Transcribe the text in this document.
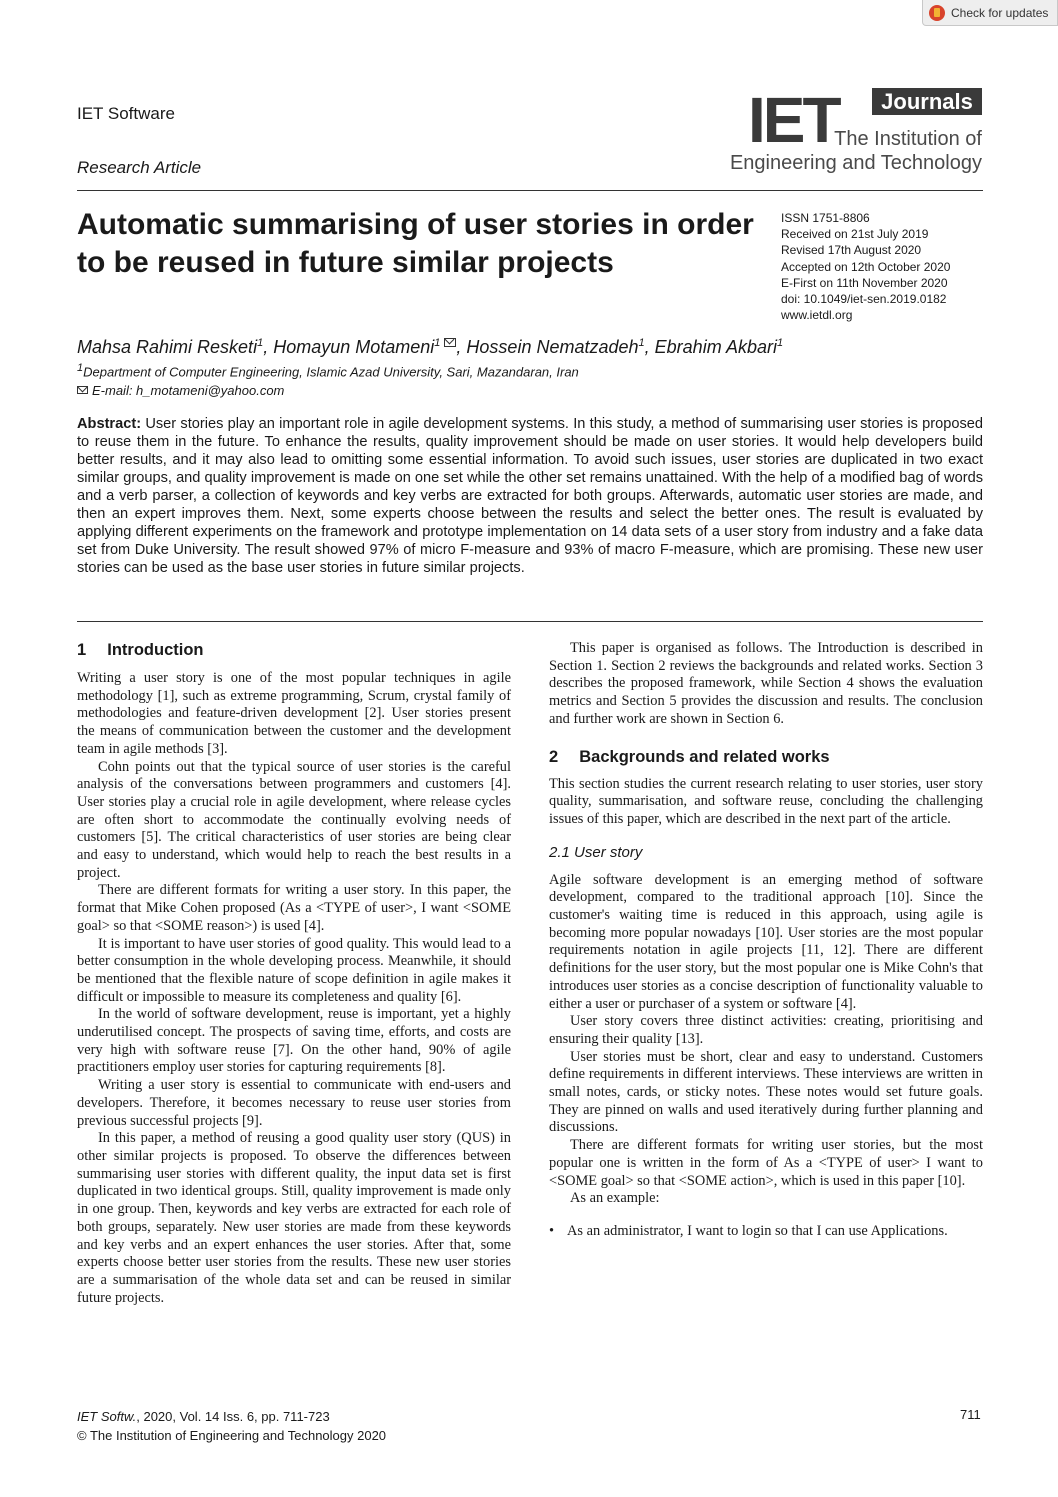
Check for updates
IET Software
Research Article
IET	Journals
The Institution of
Engineering and Technology
Automatic summarising of user stories in order to be reused in future similar projects
ISSN 1751-8806
Received on 21st July 2019
Revised 17th August 2020
Accepted on 12th October 2020
E-First on 11th November 2020
doi: 10.1049/iet-sen.2019.0182
www.ietdl.org
Mahsa Rahimi Resketi$^1$, Homayun Motameni$^1$ , Hossein Nematzadeh$^1$, Ebrahim Akbari$^1$
$^1$Department of Computer Engineering, Islamic Azad University, Sari, Mazandaran, Iran
E-mail: h_motameni@yahoo.com

Abstract: User stories play an important role in agile development systems. In this study, a method of summarising user stories is proposed to reuse them in the future. To enhance the results, quality improvement should be made on user stories. It would help developers build better results, and it may also lead to omitting some essential information. To avoid such issues, user stories are duplicated in two exact similar groups, and quality improvement is made on one set while the other set remains unattained. With the help of a modified bag of words and a verb parser, a collection of keywords and key verbs are extracted for both groups. Afterwards, automatic user stories are made, and then an expert improves them. Next, some experts choose between the results and select the better ones. The result is evaluated by applying different experiments on the framework and prototype implementation on 14 data sets of a user story from industry and a fake data set from Duke University. The result showed 97% of micro F-measure and 93% of macro F-measure, which are promising. These new user stories can be used as the base user stories in future similar projects.

1  Introduction

Writing a user story is one of the most popular techniques in agile methodology [1], such as extreme programming, Scrum, crystal family of methodologies and feature-driven development [2]. User stories present the means of communication between the customer and the development team in agile methods [3].

Cohn points out that the typical source of user stories is the careful analysis of the conversations between programmers and customers [4]. User stories play a crucial role in agile development, where release cycles are often short to accommodate the continually evolving needs of customers [5]. The critical characteristics of user stories are being clear and easy to understand, which would help to reach the best results in a project.

There are different formats for writing a user story. In this paper, the format that Mike Cohen proposed (As a <TYPE of user>, I want <SOME goal> so that <SOME reason>) is used [4].

It is important to have user stories of good quality. This would lead to a better consumption in the whole developing process. Meanwhile, it should be mentioned that the flexible nature of scope definition in agile makes it difficult or impossible to measure its completeness and quality [6].

In the world of software development, reuse is important, yet a highly underutilised concept. The prospects of saving time, efforts, and costs are very high with software reuse [7]. On the other hand, 90% of agile practitioners employ user stories for capturing requirements [8].

Writing a user story is essential to communicate with end-users and developers. Therefore, it becomes necessary to reuse user stories from previous successful projects [9].

In this paper, a method of reusing a good quality user story (QUS) in other similar projects is proposed. To observe the differences between summarising user stories with different quality, the input data set is first duplicated in two identical groups. Still, quality improvement is made only in one group. Then, keywords and key verbs are extracted for each role of both groups, separately. New user stories are made from these keywords and key verbs and an expert enhances the user stories. After that, some experts choose better user stories from the results. These new user stories are a summarisation of the whole data set and can be reused in similar future projects.

This paper is organised as follows. The Introduction is described in Section 1. Section 2 reviews the backgrounds and related works. Section 3 describes the proposed framework, while Section 4 shows the evaluation metrics and Section 5 provides the discussion and results. The conclusion and further work are shown in Section 6.

2  Backgrounds and related works

This section studies the current research relating to user stories, user story quality, summarisation, and software reuse, concluding the challenging issues of this paper, which are described in the next part of the article.

2.1 User story

Agile software development is an emerging method of software development, compared to the traditional approach [10]. Since the customer's waiting time is reduced in this approach, using agile is becoming more popular nowadays [10]. User stories are the most popular requirements notation in agile projects [11, 12]. There are different definitions for the user story, but the most popular one is Mike Cohn's that introduces user stories as a concise description of functionality valuable to either a user or purchaser of a system or software [4].

User story covers three distinct activities: creating, prioritising and ensuring their quality [13].

User stories must be short, clear and easy to understand. Customers define requirements in different interviews. These interviews are written in small notes, cards, or sticky notes. These notes would set future goals. They are pinned on walls and used iteratively during further planning and discussions.

There are different formats for writing user stories, but the most popular one is written in the form of As a <TYPE of user> I want to <SOME goal> so that <SOME action>, which is used in this paper [10].

As an example:

• As an administrator, I want to login so that I can use Applications.
IET Softw., 2020, Vol. 14 Iss. 6, pp. 711-723
© The Institution of Engineering and Technology 2020
711
